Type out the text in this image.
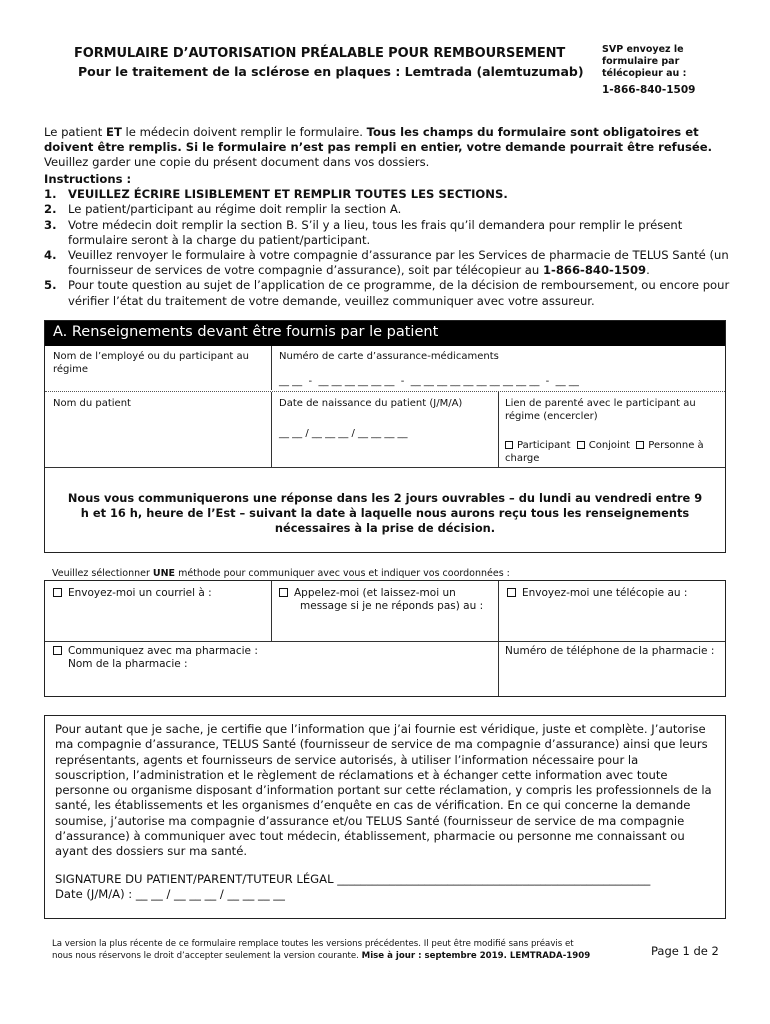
FORMULAIRE D’AUTORISATION PRÉALABLE POUR REMBOURSEMENT
Pour le traitement de la sclérose en plaques : Lemtrada (alemtuzumab)
SVP envoyez le
formulaire par
télécopieur au :
1-866-840-1509
Le patient ET le médecin doivent remplir le formulaire. Tous les champs du formulaire sont obligatoires et doivent être remplis. Si le formulaire n’est pas rempli en entier, votre demande pourrait être refusée. Veuillez garder une copie du présent document dans vos dossiers.
Instructions :
1. VEUILLEZ ÉCRIRE LISIBLEMENT ET REMPLIR TOUTES LES SECTIONS.
2. Le patient/participant au régime doit remplir la section A.
3. Votre médecin doit remplir la section B. S’il y a lieu, tous les frais qu’il demandera pour remplir le présent formulaire seront à la charge du patient/participant.
4. Veuillez renvoyer le formulaire à votre compagnie d’assurance par les Services de pharmacie de TELUS Santé (un fournisseur de services de votre compagnie d’assurance), soit par télécopieur au 1-866-840-1509.
5. Pour toute question au sujet de l’application de ce programme, de la décision de remboursement, ou encore pour vérifier l’état du traitement de votre demande, veuillez communiquer avec votre assureur.
A. Renseignements devant être fournis par le patient
Nom de l’employé ou du participant au régime
Numéro de carte d’assurance-médicaments
__ __  -  __ __ __ __ __ __  -  __ __ __ __ __ __ __ __ __ __  -  __ __
Nom du patient	Date de naissance du patient (J/M/A)
__ __ / __ __ __ / __ __ __ __
Lien de parenté avec le participant au régime (encercler)
Participant Conjoint Personne à charge
Nous vous communiquerons une réponse dans les 2 jours ouvrables – du lundi au vendredi entre 9 h et 16 h, heure de l’Est – suivant la date à laquelle nous aurons reçu tous les renseignements nécessaires à la prise de décision.
Veuillez sélectionner UNE méthode pour communiquer avec vous et indiquer vos coordonnées :
Envoyez-moi un courriel à :	Appelez-moi (et laissez-moi un message si je ne réponds pas) au :
Envoyez-moi une télécopie au :
Communiquez avec ma pharmacie :
Nom de la pharmacie :
Numéro de téléphone de la pharmacie :
Pour autant que je sache, je certifie que l’information que j’ai fournie est véridique, juste et complète. J’autorise ma compagnie d’assurance, TELUS Santé (fournisseur de service de ma compagnie d’assurance) ainsi que leurs représentants, agents et fournisseurs de service autorisés, à utiliser l’information nécessaire pour la souscription, l’administration et le règlement de réclamations et à échanger cette information avec toute personne ou organisme disposant d’information portant sur cette réclamation, y compris les professionnels de la santé, les établissements et les organismes d’enquête en cas de vérification. En ce qui concerne la demande soumise, j’autorise ma compagnie d’assurance et/ou TELUS Santé (fournisseur de service de ma compagnie d’assurance) à communiquer avec tout médecin, établissement, pharmacie ou personne me connaissant ou ayant des dossiers sur ma santé.
SIGNATURE DU PATIENT/PARENT/TUTEUR LÉGAL ______________________________________________________
Date (J/M/A) : __ __ / __ __ __ / __ __ __ __
La version la plus récente de ce formulaire remplace toutes les versions précédentes. Il peut être modifié sans préavis et
nous nous réservons le droit d’accepter seulement la version courante. Mise à jour : septembre 2019. LEMTRADA-1909	Page 1 de 2
